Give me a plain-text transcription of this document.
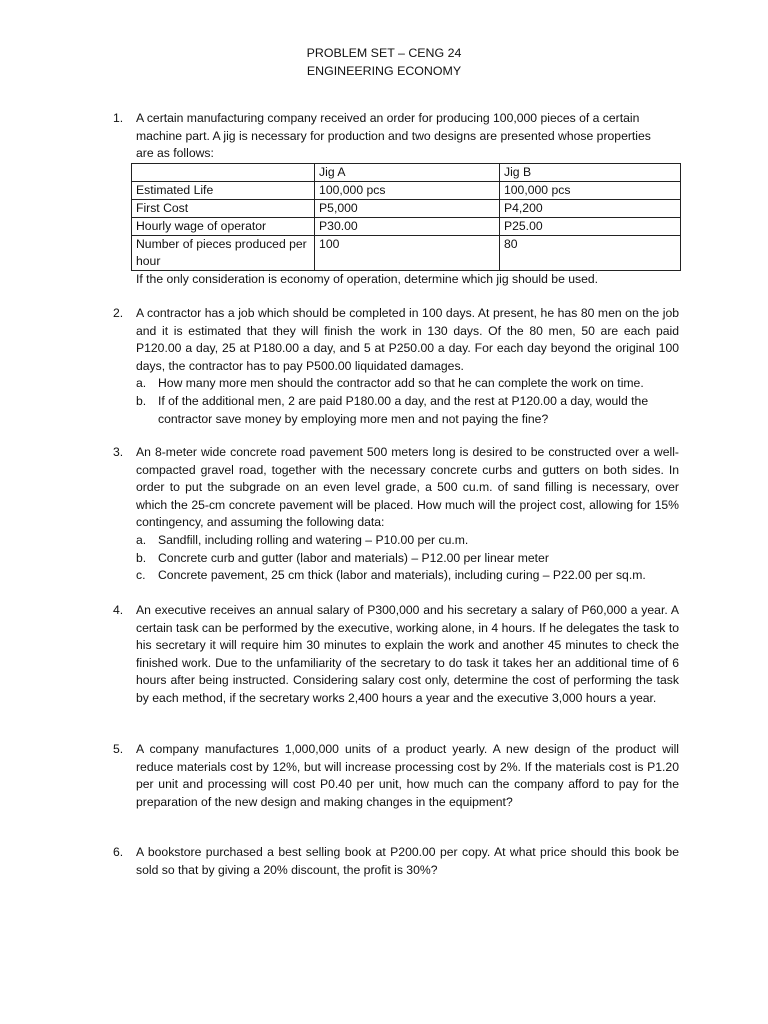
PROBLEM SET – CENG 24
ENGINEERING ECONOMY
1.	A certain manufacturing company received an order for producing 100,000 pieces of a certain
machine part. A jig is necessary for production and two designs are presented whose properties
are as follows:
	Jig A	Jig B
Estimated Life	100,000 pcs	100,000 pcs
First Cost	P5,000	P4,200
Hourly wage of operator	P30.00	P25.00
Number of pieces produced per hour	100	80
If the only consideration is economy of operation, determine which jig should be used.
2.	A contractor has a job which should be completed in 100 days. At present, he has 80 men on the job and it is estimated that they will finish the work in 130 days. Of the 80 men, 50 are each paid P120.00 a day, 25 at P180.00 a day, and 5 at P250.00 a day. For each day beyond the original 100 days, the contractor has to pay P500.00 liquidated damages.
a. How many more men should the contractor add so that he can complete the work on time.
b. If of the additional men, 2 are paid P180.00 a day, and the rest at P120.00 a day, would the contractor save money by employing more men and not paying the fine?
3.	An 8-meter wide concrete road pavement 500 meters long is desired to be constructed over a well-compacted gravel road, together with the necessary concrete curbs and gutters on both sides. In order to put the subgrade on an even level grade, a 500 cu.m. of sand filling is necessary, over which the 25-cm concrete pavement will be placed. How much will the project cost, allowing for 15% contingency, and assuming the following data:
a. Sandfill, including rolling and watering – P10.00 per cu.m.
b. Concrete curb and gutter (labor and materials) – P12.00 per linear meter
c. Concrete pavement, 25 cm thick (labor and materials), including curing – P22.00 per sq.m.
4.	An executive receives an annual salary of P300,000 and his secretary a salary of P60,000 a year. A certain task can be performed by the executive, working alone, in 4 hours. If he delegates the task to his secretary it will require him 30 minutes to explain the work and another 45 minutes to check the finished work. Due to the unfamiliarity of the secretary to do task it takes her an additional time of 6 hours after being instructed. Considering salary cost only, determine the cost of performing the task by each method, if the secretary works 2,400 hours a year and the executive 3,000 hours a year.
5.	A company manufactures 1,000,000 units of a product yearly. A new design of the product will reduce materials cost by 12%, but will increase processing cost by 2%. If the materials cost is P1.20 per unit and processing will cost P0.40 per unit, how much can the company afford to pay for the preparation of the new design and making changes in the equipment?
6.	A bookstore purchased a best selling book at P200.00 per copy. At what price should this book be sold so that by giving a 20% discount, the profit is 30%?
